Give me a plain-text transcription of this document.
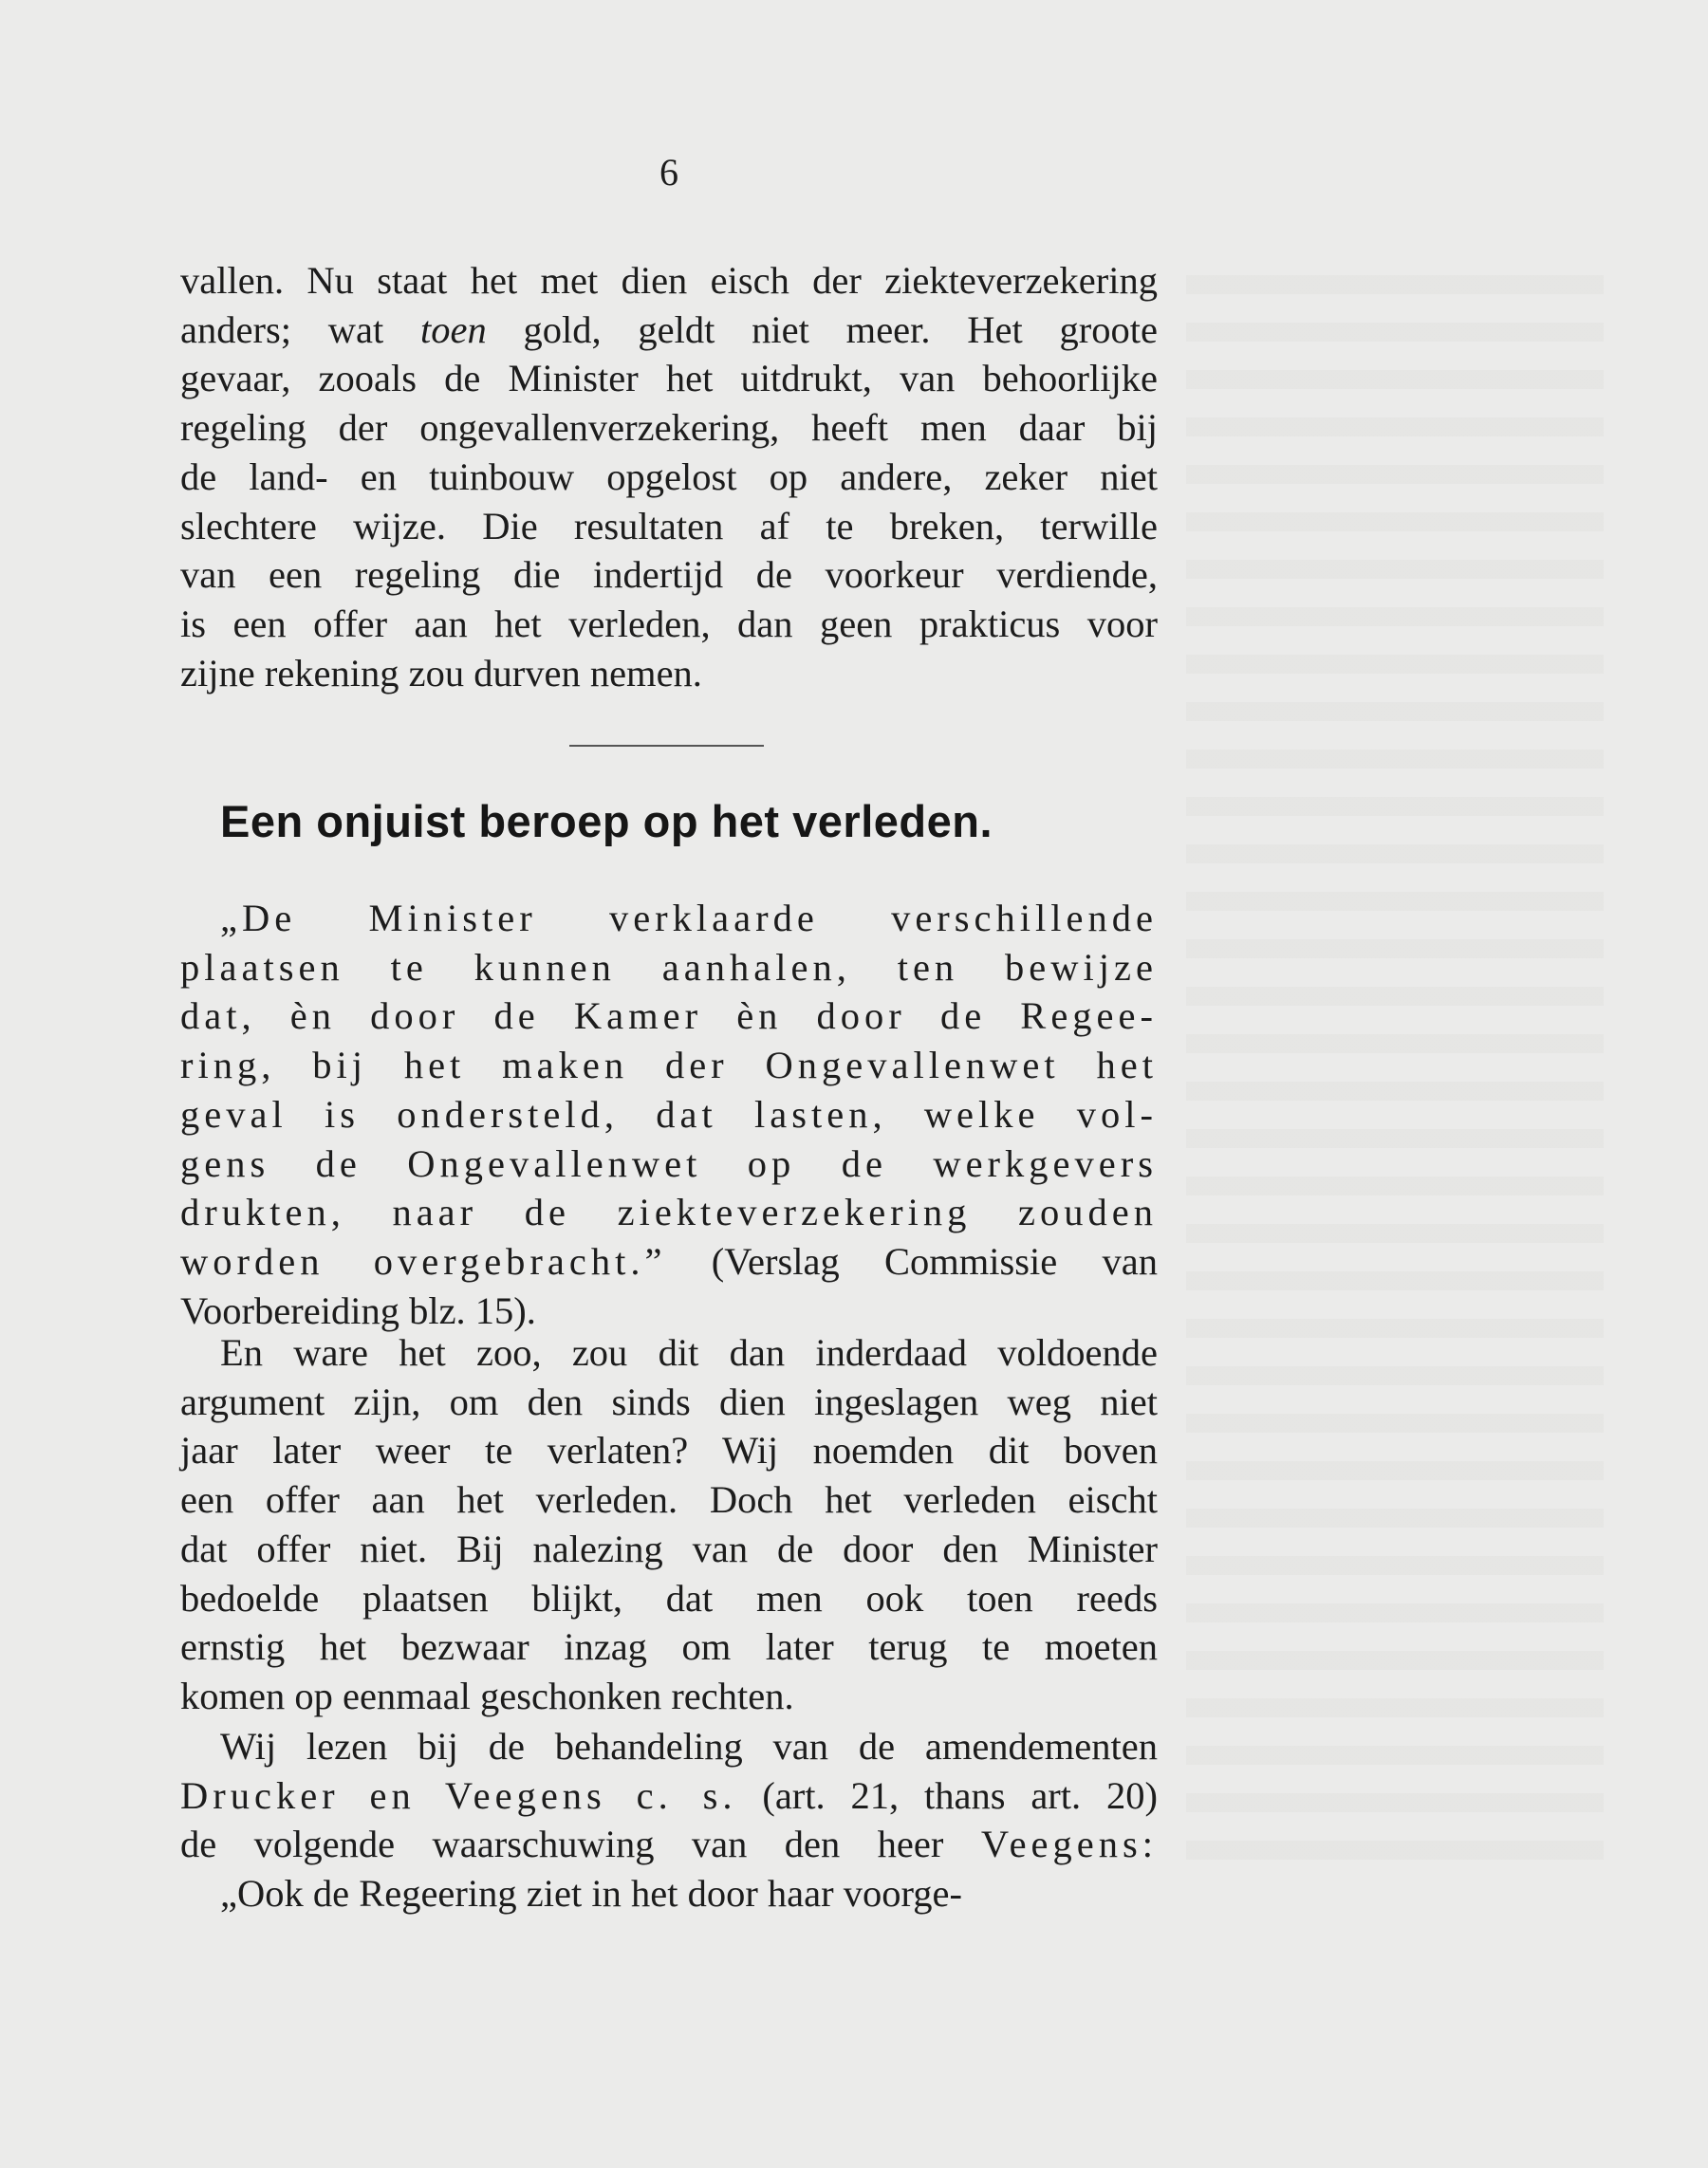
6
vallen. Nu staat het met dien eisch der ziekteverzekering
anders; wat toen gold, geldt niet meer. Het groote
gevaar, zooals de Minister het uitdrukt, van behoorlijke
regeling der ongevallenverzekering, heeft men daar bij
de land- en tuinbouw opgelost op andere, zeker niet
slechtere wijze. Die resultaten af te breken, terwille
van een regeling die indertijd de voorkeur verdiende,
is een offer aan het verleden, dan geen prakticus voor
zijne rekening zou durven nemen.
Een onjuist beroep op het verleden.
„De Minister verklaarde verschillende
plaatsen te kunnen aanhalen, ten bewijze
dat, èn door de Kamer èn door de Regee-
ring, bij het maken der Ongevallenwet het
geval is ondersteld, dat lasten, welke vol-
gens de Ongevallenwet op de werkgevers
drukten, naar de ziekteverzekering zouden
worden overgebracht.” (Verslag Commissie van
Voorbereiding blz. 15).
En ware het zoo, zou dit dan inderdaad voldoende
argument zijn, om den sinds dien ingeslagen weg niet
jaar later weer te verlaten? Wij noemden dit boven
een offer aan het verleden. Doch het verleden eischt
dat offer niet. Bij nalezing van de door den Minister
bedoelde plaatsen blijkt, dat men ook toen reeds
ernstig het bezwaar inzag om later terug te moeten
komen op eenmaal geschonken rechten.
Wij lezen bij de behandeling van de amendementen
Drucker en Veegens c. s. (art. 21, thans art. 20)
de volgende waarschuwing van den heer Veegens:
„Ook de Regeering ziet in het door haar voorge-
